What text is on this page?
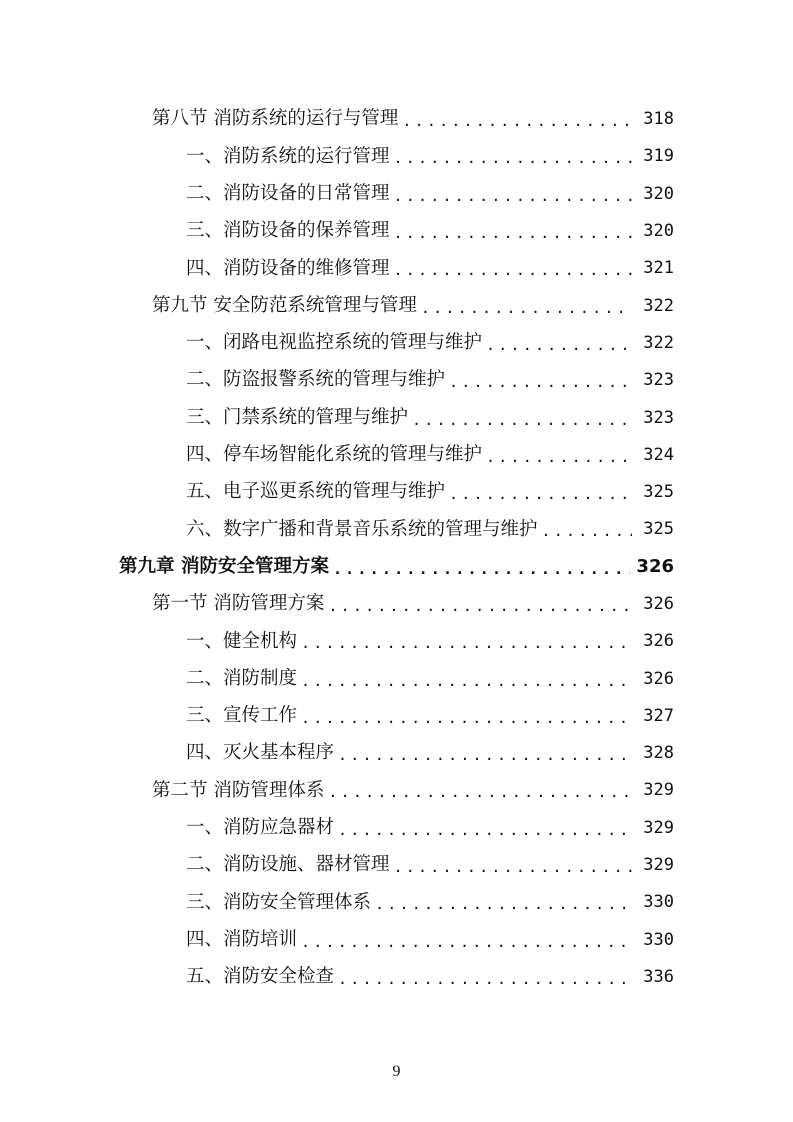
第八节 消防系统的运行与管理 .....	318
一、消防系统的运行管理 .....	319
二、消防设备的日常管理 .....	320
三、消防设备的保养管理 .....	320
四、消防设备的维修管理 .....	321
第九节 安全防范系统管理与管理 .....	322
一、闭路电视监控系统的管理与维护 .....	322
二、防盗报警系统的管理与维护 .....	323
三、门禁系统的管理与维护 .....	323
四、停车场智能化系统的管理与维护 .....	324
五、电子巡更系统的管理与维护 .....	325
六、数字广播和背景音乐系统的管理与维护 .....	325
第九章 消防安全管理方案 .....	326
第一节 消防管理方案 .....	326
一、健全机构 .....	326
二、消防制度 .....	326
三、宣传工作 .....	327
四、灭火基本程序 .....	328
第二节 消防管理体系 .....	329
一、消防应急器材 .....	329
二、消防设施、器材管理 .....	329
三、消防安全管理体系 .....	330
四、消防培训 .....	330
五、消防安全检查 .....	336
9
